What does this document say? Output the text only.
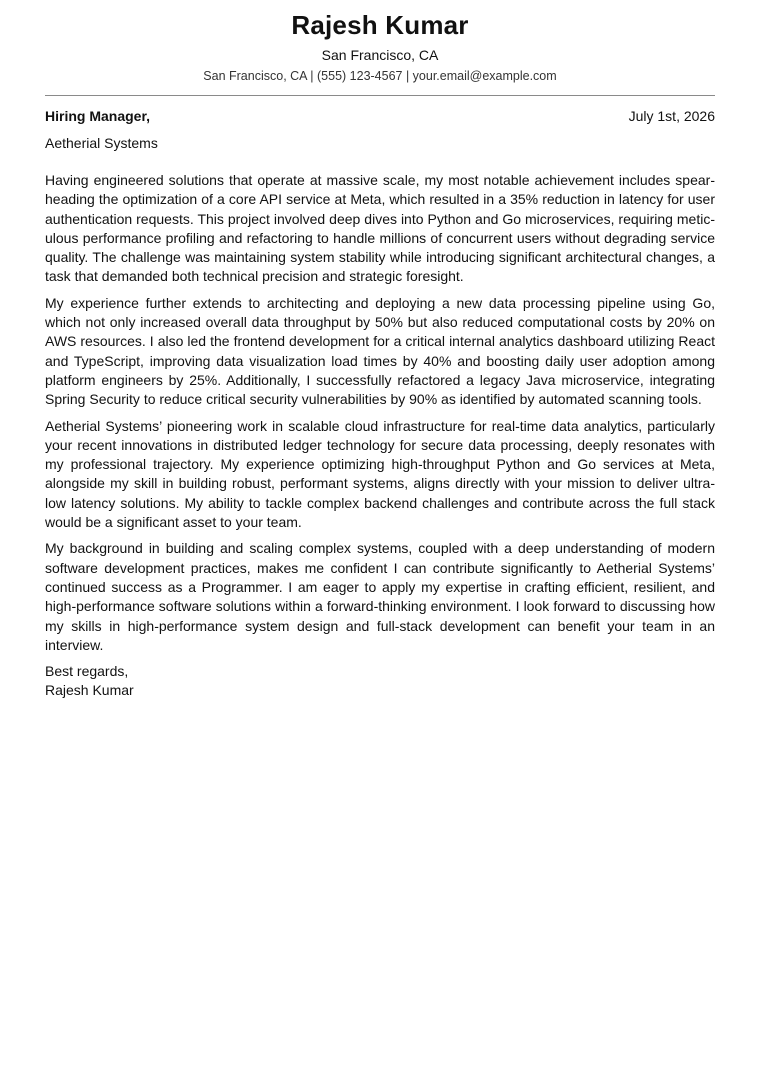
Rajesh Kumar
San Francisco, CA
San Francisco, CA | (555) 123-4567 | your.email@example.com
Hiring Manager,	July 1st, 2026
Aetherial Systems

Having engineered solutions that operate at massive scale, my most notable achievement includes spearheading the optimization of a core API service at Meta, which resulted in a 35% reduction in latency for user authentication requests. This project involved deep dives into Python and Go microservices, requiring meticulous performance profiling and refactoring to handle millions of concurrent users without degrading service quality. The challenge was maintaining system stability while introducing significant architectural changes, a task that demanded both technical precision and strategic foresight.

My experience further extends to architecting and deploying a new data processing pipeline using Go, which not only increased overall data throughput by 50% but also reduced computational costs by 20% on AWS resources. I also led the frontend development for a critical internal analytics dashboard utilizing React and TypeScript, improving data visualization load times by 40% and boosting daily user adoption among platform engineers by 25%. Additionally, I successfully refactored a legacy Java microservice, integrating Spring Security to reduce critical security vulnerabilities by 90% as identified by automated scanning tools.

Aetherial Systems’ pioneering work in scalable cloud infrastructure for real-time data analytics, particularly your recent innovations in distributed ledger technology for secure data processing, deeply resonates with my professional trajectory. My experience optimizing high-throughput Python and Go services at Meta, alongside my skill in building robust, performant systems, aligns directly with your mission to deliver ultra-low latency solutions. My ability to tackle complex backend challenges and contribute across the full stack would be a significant asset to your team.

My background in building and scaling complex systems, coupled with a deep understanding of modern software development practices, makes me confident I can contribute significantly to Aetherial Systems’ continued success as a Programmer. I am eager to apply my expertise in crafting efficient, resilient, and high-performance software solutions within a forward-thinking environment. I look forward to discussing how my skills in high-performance system design and full-stack development can benefit your team in an interview.

Best regards,
Rajesh Kumar
